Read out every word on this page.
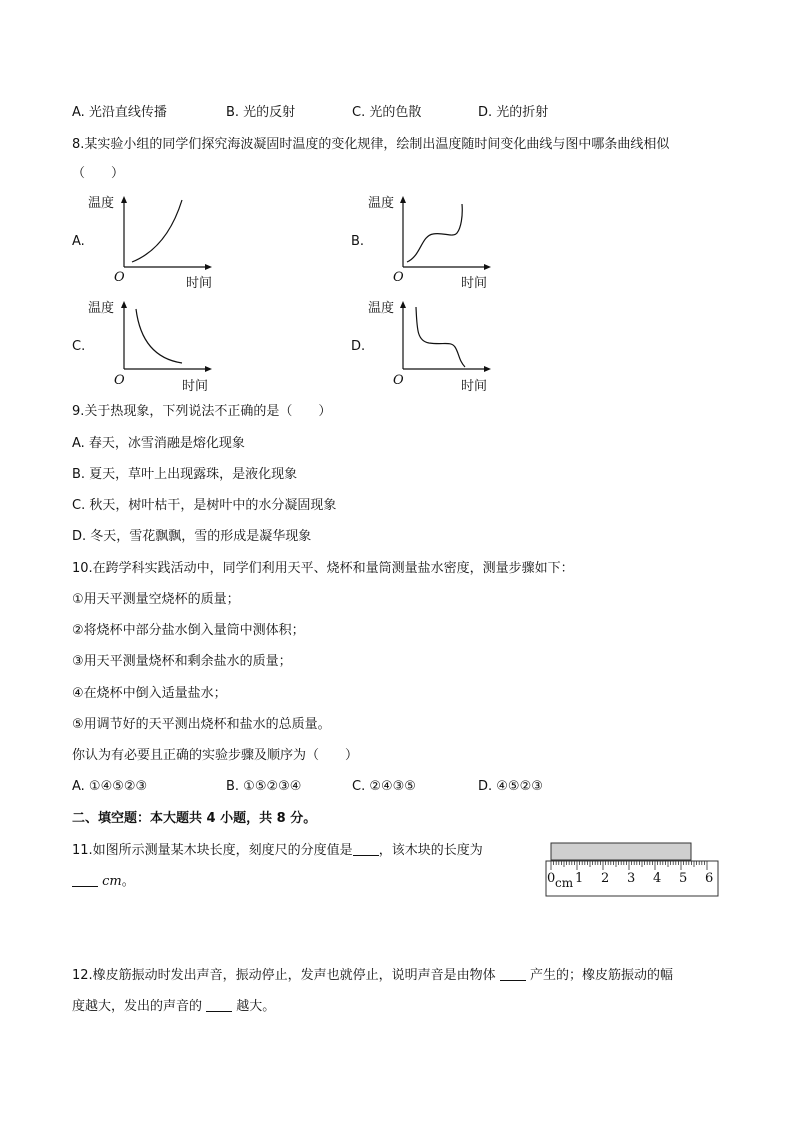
A. 光沿直线传播	B. 光的反射	C. 光的色散	D. 光的折射
8.某实验小组的同学们探究海波凝固时温度的变化规律，绘制出温度随时间变化曲线与图中哪条曲线相似
（　　）
A.
温度
O	时间
B.
温度
O	时间
C.
温度
O	时间
D.
温度
O	时间
9.关于热现象，下列说法不正确的是（　　）
A. 春天，冰雪消融是熔化现象
B. 夏天，草叶上出现露珠，是液化现象
C. 秋天，树叶枯干，是树叶中的水分凝固现象
D. 冬天，雪花飘飘，雪的形成是凝华现象
10.在跨学科实践活动中，同学们利用天平、烧杯和量筒测量盐水密度，测量步骤如下：
①用天平测量空烧杯的质量；
②将烧杯中部分盐水倒入量筒中测体积；
③用天平测量烧杯和剩余盐水的质量；
④在烧杯中倒入适量盐水；
⑤用调节好的天平测出烧杯和盐水的总质量。
你认为有必要且正确的实验步骤及顺序为（　　）
A. ①④⑤②③	B. ①⑤②③④	C. ②④③⑤	D. ④⑤②③
二、填空题：本大题共 4 小题，共 8 分。
11.如图所示测量某木块长度，刻度尺的分度值是 ，该木块的长度为
cm。	0 cm 1 2 3 4 5 6
12.橡皮筋振动时发出声音，振动停止，发声也就停止，说明声音是由物体	产生的；橡皮筋振动的幅
度越大，发出的声音的	越大。
